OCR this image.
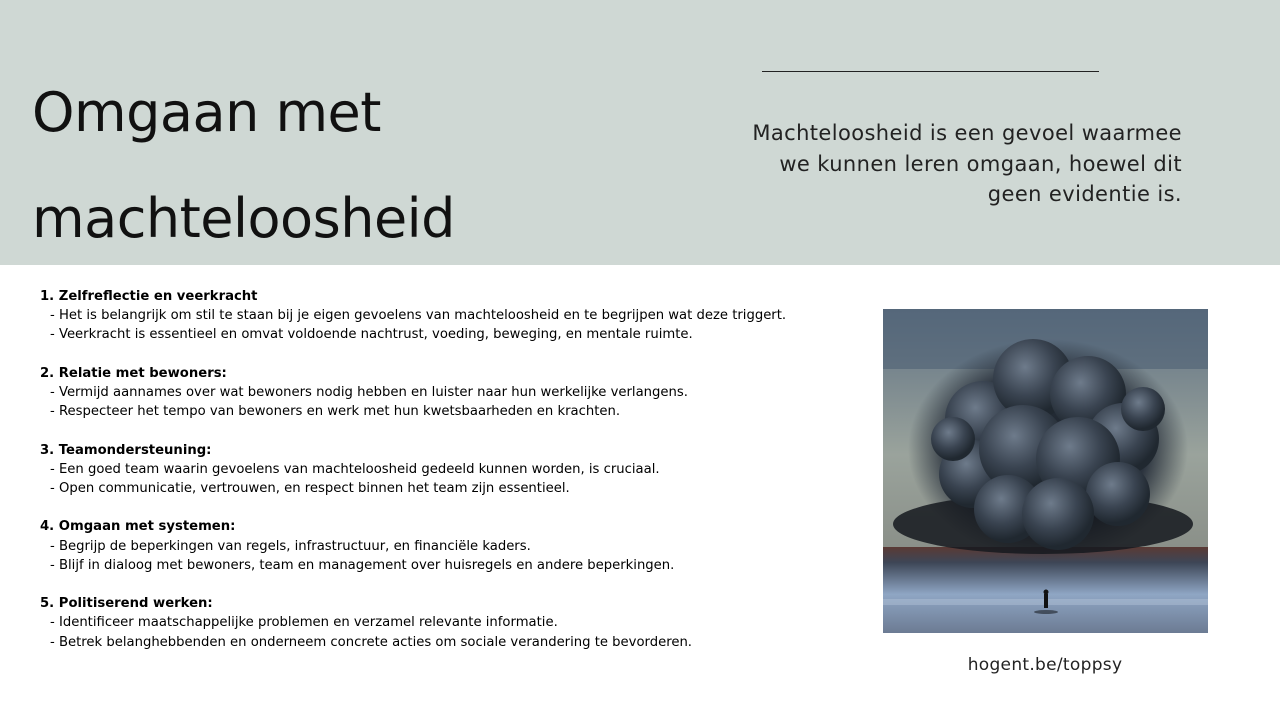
Omgaan met
machteloosheid
Machteloosheid is een gevoel waarmee
we kunnen leren omgaan, hoewel dit
geen evidentie is.
1. Zelfreflectie en veerkracht
- Het is belangrijk om stil te staan bij je eigen gevoelens van machteloosheid en te begrijpen wat deze triggert.
- Veerkracht is essentieel en omvat voldoende nachtrust, voeding, beweging, en mentale ruimte.
2. Relatie met bewoners:
- Vermijd aannames over wat bewoners nodig hebben en luister naar hun werkelijke verlangens.
- Respecteer het tempo van bewoners en werk met hun kwetsbaarheden en krachten.
3. Teamondersteuning:
- Een goed team waarin gevoelens van machteloosheid gedeeld kunnen worden, is cruciaal.
- Open communicatie, vertrouwen, en respect binnen het team zijn essentieel.
4. Omgaan met systemen:
- Begrijp de beperkingen van regels, infrastructuur, en financiële kaders.
- Blijf in dialoog met bewoners, team en management over huisregels en andere beperkingen.
5. Politiserend werken:
- Identificeer maatschappelijke problemen en verzamel relevante informatie.
- Betrek belanghebbenden en onderneem concrete acties om sociale verandering te bevorderen.
hogent.be/toppsy
